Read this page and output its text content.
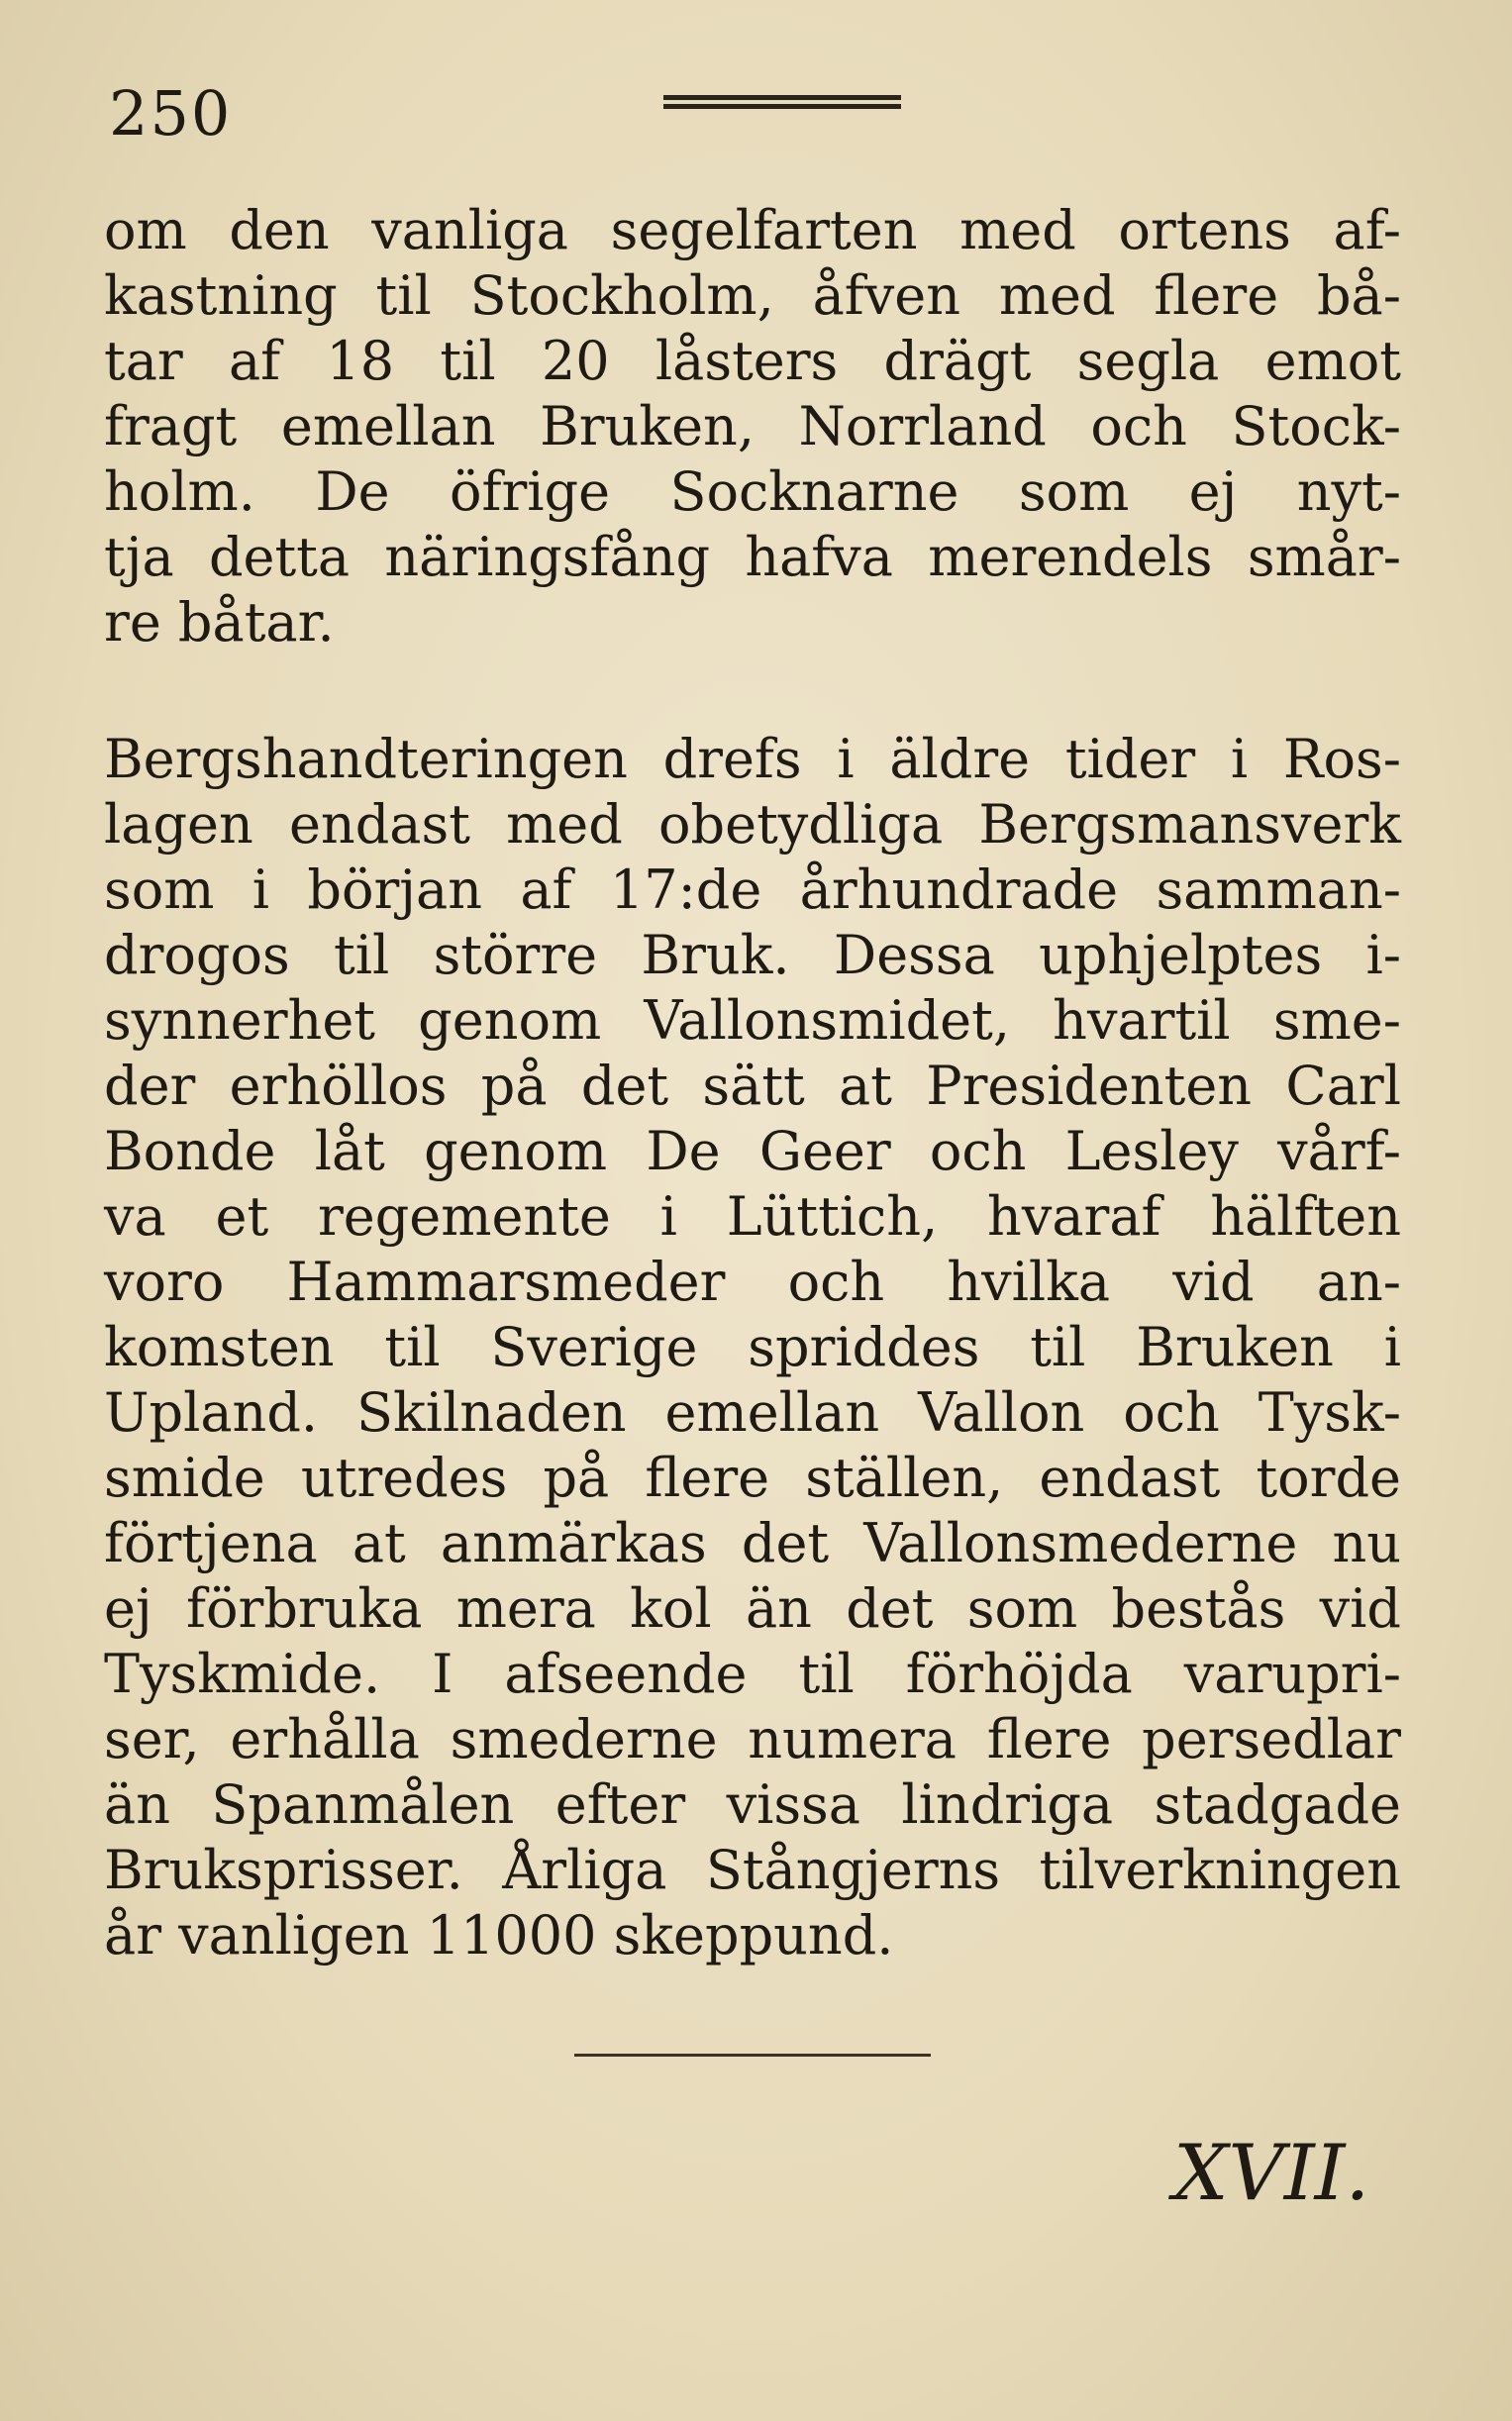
250
om den vanliga segelfarten med ortens af-
kastning til Stockholm, åfven med flere bå-
tar af 18 til 20 låsters drägt segla emot
fragt emellan Bruken, Norrland och Stock-
holm. De öfrige Socknarne som ej nyt-
tja detta näringsfång hafva merendels smår-
re båtar.
Bergshandteringen drefs i äldre tider i Ros-
lagen endast med obetydliga Bergsmansverk
som i början af 17:de århundrade samman-
drogos til större Bruk. Dessa uphjelptes i-
synnerhet genom Vallonsmidet, hvartil sme-
der erhöllos på det sätt at Presidenten Carl
Bonde låt genom De Geer och Lesley vårf-
va et regemente i Lüttich, hvaraf hälften
voro Hammarsmeder och hvilka vid an-
komsten til Sverige spriddes til Bruken i
Upland. Skilnaden emellan Vallon och Tysk-
smide utredes på flere ställen, endast torde
förtjena at anmärkas det Vallonsmederne nu
ej förbruka mera kol än det som bestås vid
Tyskmide. I afseende til förhöjda varupri-
ser, erhålla smederne numera flere persedlar
än Spanmålen efter vissa lindriga stadgade
Bruksprisser. Årliga Stångjerns tilverkningen
år vanligen 11000 skeppund.
XVII.
